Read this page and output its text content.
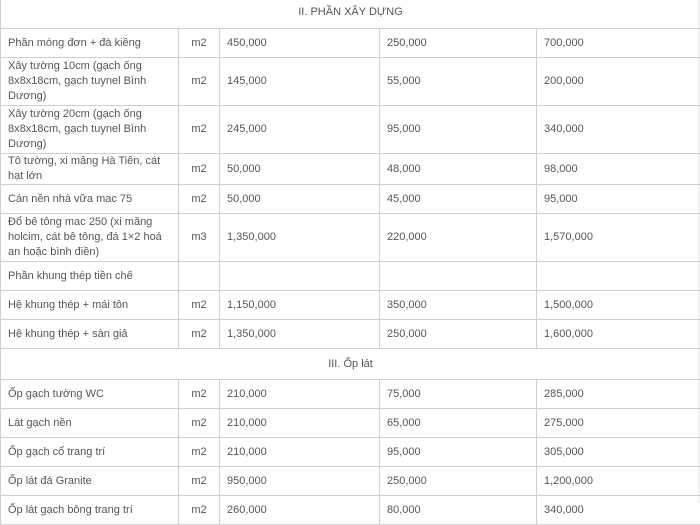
II. PHẦN XÂY DỰNG				
Phần móng đơn + đà kiềng	m2	450,000	250,000	700,000
Xây tường 10cm (gạch ống 8x8x18cm, gạch tuynel Bình Dương)	m2	145,000	55,000	200,000
Xây tường 20cm (gạch ống 8x8x18cm, gạch tuynel Bình Dương)	m2	245,000	95,000	340,000
Tô tường, xi măng Hà Tiên, cát hạt lớn	m2	50,000	48,000	98,000
Cán nền nhà vữa mac 75	m2	50,000	45,000	95,000
Đổ bê tông mac 250 (xi măng holcim, cát bê tông, đá 1×2 hoá an hoặc bình điền)	m3	1,350,000	220,000	1,570,000
Phần khung thép tiền chế				
Hệ khung thép + mái tôn	m2	1,150,000	350,000	1,500,000
Hệ khung thép + sàn giả	m2	1,350,000	250,000	1,600,000
III. Ốp lát				
Ốp gạch tường WC	m2	210,000	75,000	285,000
Lát gạch nền	m2	210,000	65,000	275,000
Ốp gạch cổ trang trí	m2	210,000	95,000	305,000
Ốp lát đá Granite	m2	950,000	250,000	1,200,000
Ốp lát gạch bông trang trí	m2	260,000	80,000	340,000
